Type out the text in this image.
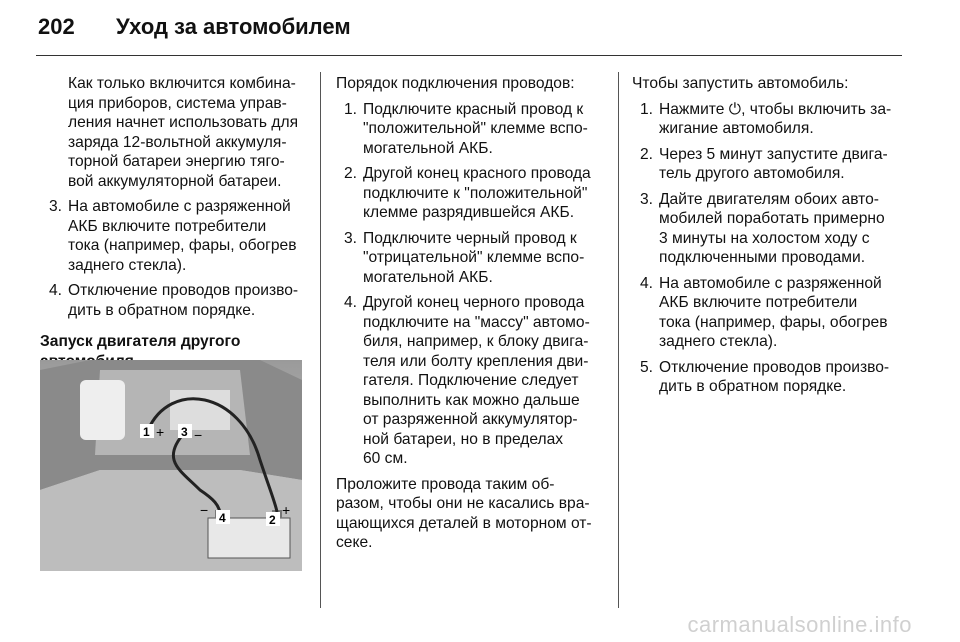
202 Уход за автомобилем

Как только включится комбина-
ция приборов, система управ-
ления начнет использовать для
заряда 12-вольтной аккумуля-
торной батареи энергию тяго-
вой аккумуляторной батареи.

3. На автомобиле с разряженной
АКБ включите потребители
тока (например, фары, обогрев
заднего стекла).
4. Отключение проводов произво-
дить в обратном порядке.
Запуск двигателя другого

1 + 3 −
4
−
2
+

Порядок подключения проводов:

1. Подключите красный провод к
"положительной" клемме вспо-
могательной АКБ.
2. Другой конец красного провода
подключите к "положительной"
клемме разрядившейся АКБ.
3. Подключите черный провод к
"отрицательной" клемме вспо-
могательной АКБ.
4. Другой конец черного провода
подключите на "массу" автомо-
биля, например, к блоку двига-
теля или болту крепления дви-
гателя. Подключение следует
выполнить как можно дальше
от разряженной аккумулятор-
ной батареи, но в пределах
60 см.

Проложите провода таким об-
разом, чтобы они не касались вра-
щающихся деталей в моторном от-
секе.

Чтобы запустить автомобиль:

1. Нажмите ⏻, чтобы включить за-
жигание автомобиля.
2. Через 5 минут запустите двига-
тель другого автомобиля.
3. Дайте двигателям обоих авто-
мобилей поработать примерно
3 минуты на холостом ходу с
подключенными проводами.
4. На автомобиле с разряженной
АКБ включите потребители
тока (например, фары, обогрев
заднего стекла).
5. Отключение проводов произво-
дить в обратном порядке.
carmanualsonline.info
